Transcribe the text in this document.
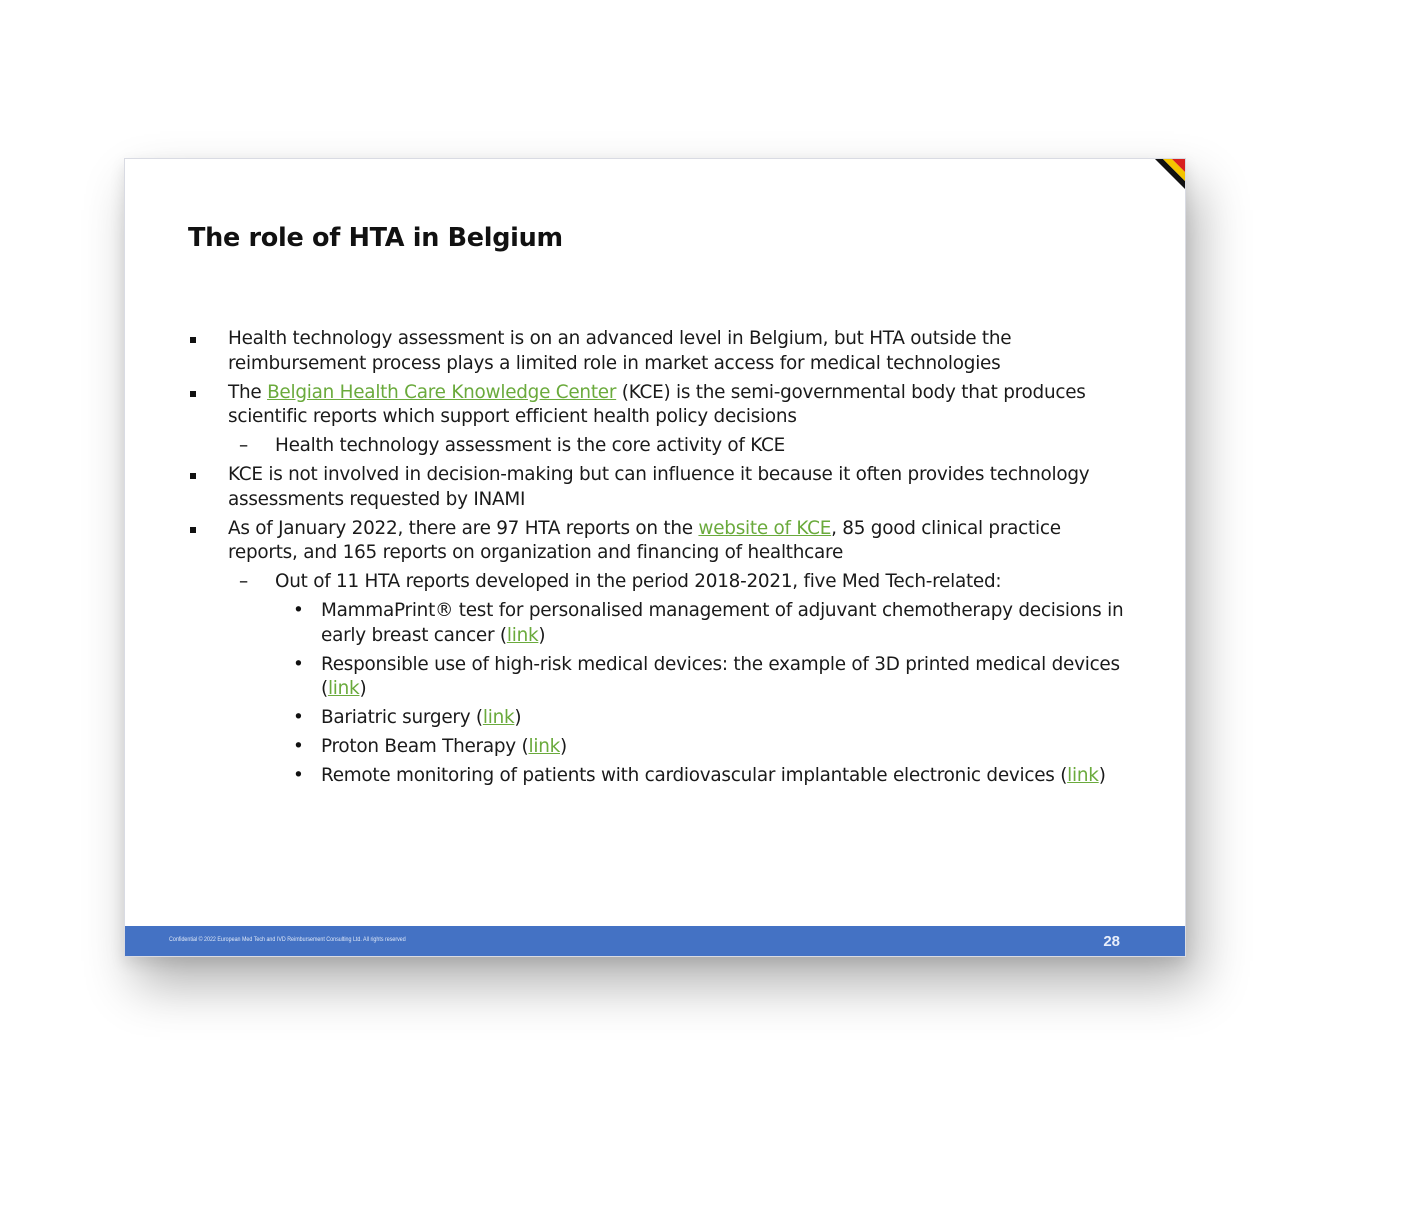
The role of HTA in Belgium
Health technology assessment is on an advanced level in Belgium, but HTA outside the reimbursement process plays a limited role in market access for medical technologies
The Belgian Health Care Knowledge Center (KCE) is the semi-governmental body that produces scientific reports which support efficient health policy decisions
– Health technology assessment is the core activity of KCE
KCE is not involved in decision-making but can influence it because it often provides technology assessments requested by INAMI
As of January 2022, there are 97 HTA reports on the website of KCE, 85 good clinical practice reports, and 165 reports on organization and financing of healthcare
– Out of 11 HTA reports developed in the period 2018-2021, five Med Tech-related:
• MammaPrint® test for personalised management of adjuvant chemotherapy decisions in early breast cancer (link)
• Responsible use of high-risk medical devices: the example of 3D printed medical devices (link)
• Bariatric surgery (link)
• Proton Beam Therapy (link)
• Remote monitoring of patients with cardiovascular implantable electronic devices (link)
Confidential © 2022 European Med Tech and IVD Reimbursement Consulting Ltd. All rights reserved	28
